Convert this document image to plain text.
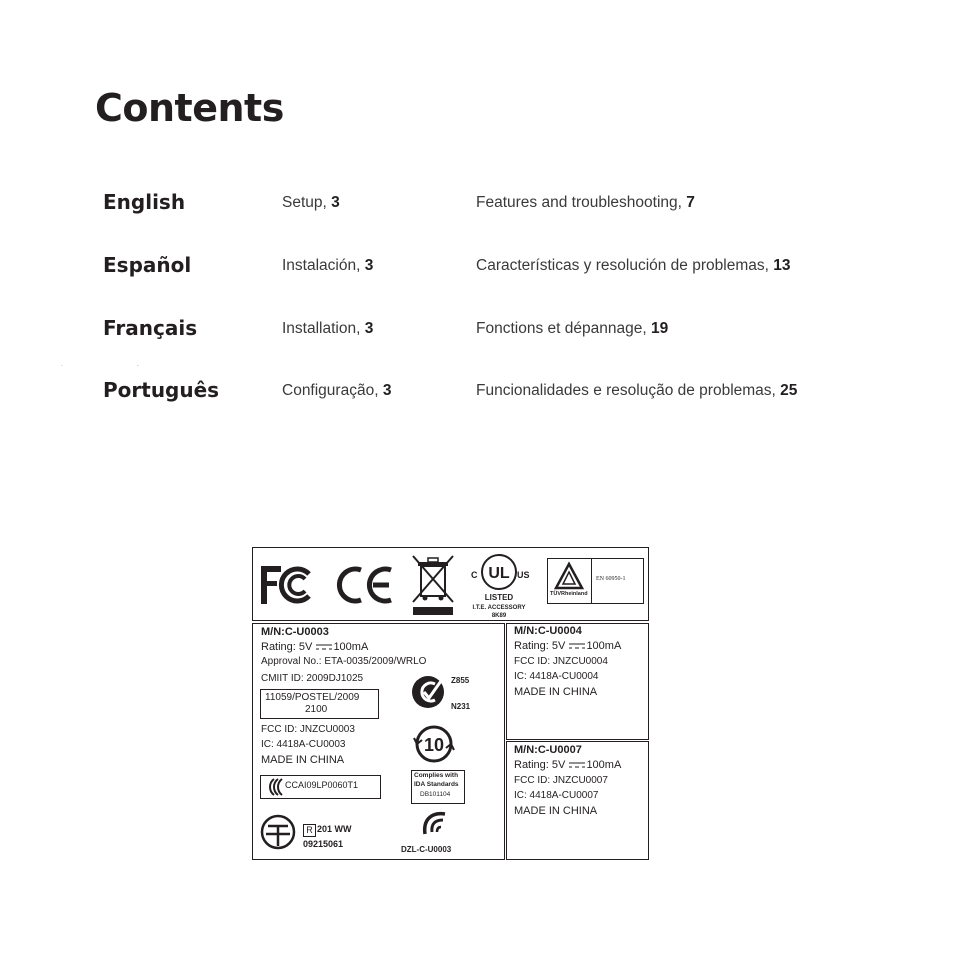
Contents
English	Setup, 3	Features and troubleshooting, 7
Español	Instalación, 3	Características y resolución de problemas, 13
Français	Installation, 3	Fonctions et dépannage, 19
Português	Configuração, 3	Funcionalidades e resolução de problemas, 25
FC	CE
UL
C	US
LISTED
I.T.E. ACCESSORY
8K89
TÜVRheinland
EN 60950-1
M/N:C-U0003
Rating: 5V 100mA
Approval No.: ETA-0035/2009/WRLO
CMIIT ID: 2009DJ1025
11059/POSTEL/2009
2100
Z855
N231
FCC ID: JNZCU0003
IC: 4418A-CU0003
MADE IN CHINA
10
Complies with
IDA Standards
DB101104
CCAI09LP0060T1
R 201 WW
09215061
DZL-C-U0003
M/N:C-U0004
Rating: 5V 100mA
FCC ID: JNZCU0004
IC: 4418A-CU0004
MADE IN CHINA
M/N:C-U0007
Rating: 5V 100mA
FCC ID: JNZCU0007
IC: 4418A-CU0007
MADE IN CHINA
